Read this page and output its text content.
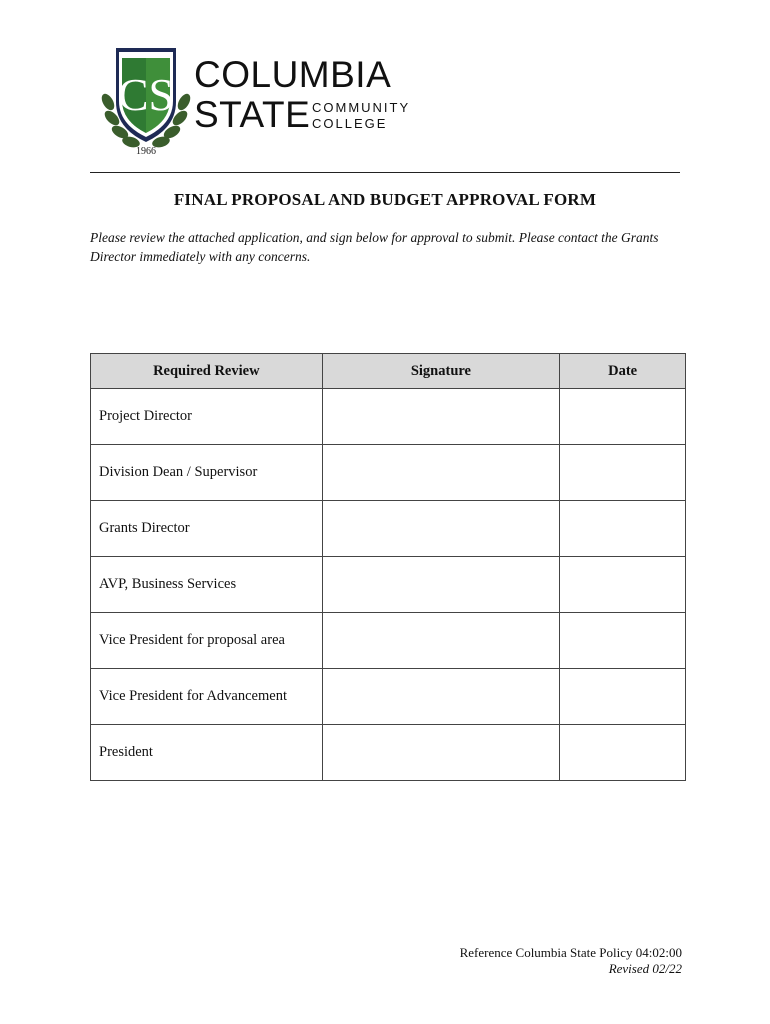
CS COLUMBIA
STATE COMMUNITY
COLLEGE
1966
FINAL PROPOSAL AND BUDGET APPROVAL FORM
Please review the attached application, and sign below for approval to submit. Please contact the Grants Director immediately with any concerns.
Required Review	Signature	Date
Project Director		
Division Dean / Supervisor		
Grants Director		
AVP, Business Services		
Vice President for proposal area		
Vice President for Advancement		
President		
Reference Columbia State Policy 04:02:00
Revised 02/22
